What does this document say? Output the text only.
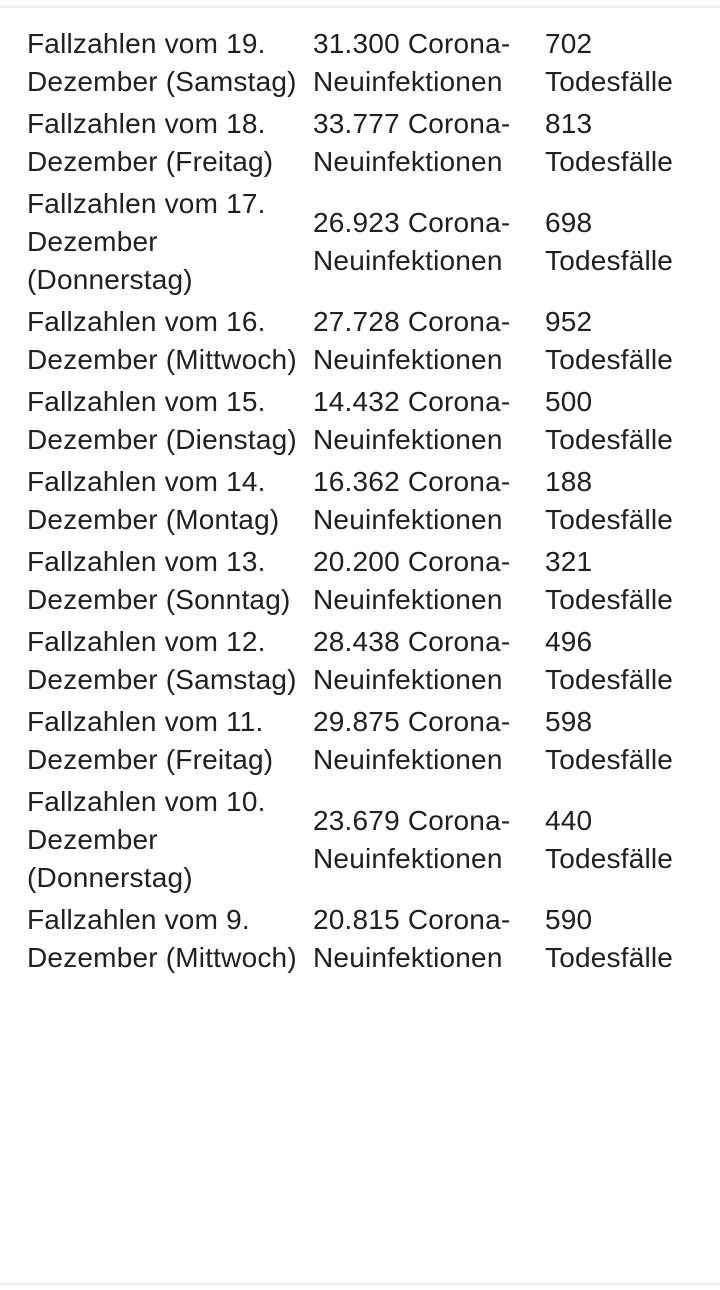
Fallzahlen vom 19. Dezember (Samstag)
31.300 Corona-Neuinfektionen
702 Todesfälle
Fallzahlen vom 18. Dezember (Freitag)
33.777 Corona-Neuinfektionen
813 Todesfälle
Fallzahlen vom 17. Dezember (Donnerstag)
26.923 Corona-Neuinfektionen
698 Todesfälle
Fallzahlen vom 16. Dezember (Mittwoch)
27.728 Corona-Neuinfektionen
952 Todesfälle
Fallzahlen vom 15. Dezember (Dienstag)
14.432 Corona-Neuinfektionen
500 Todesfälle
Fallzahlen vom 14. Dezember (Montag)
16.362 Corona-Neuinfektionen
188 Todesfälle
Fallzahlen vom 13. Dezember (Sonntag)
20.200 Corona-Neuinfektionen
321 Todesfälle
Fallzahlen vom 12. Dezember (Samstag)
28.438 Corona-Neuinfektionen
496 Todesfälle
Fallzahlen vom 11. Dezember (Freitag)
29.875 Corona-Neuinfektionen
598 Todesfälle
Fallzahlen vom 10. Dezember (Donnerstag)
23.679 Corona-Neuinfektionen
440 Todesfälle
Fallzahlen vom 9. Dezember (Mittwoch)
20.815 Corona-Neuinfektionen
590 Todesfälle
